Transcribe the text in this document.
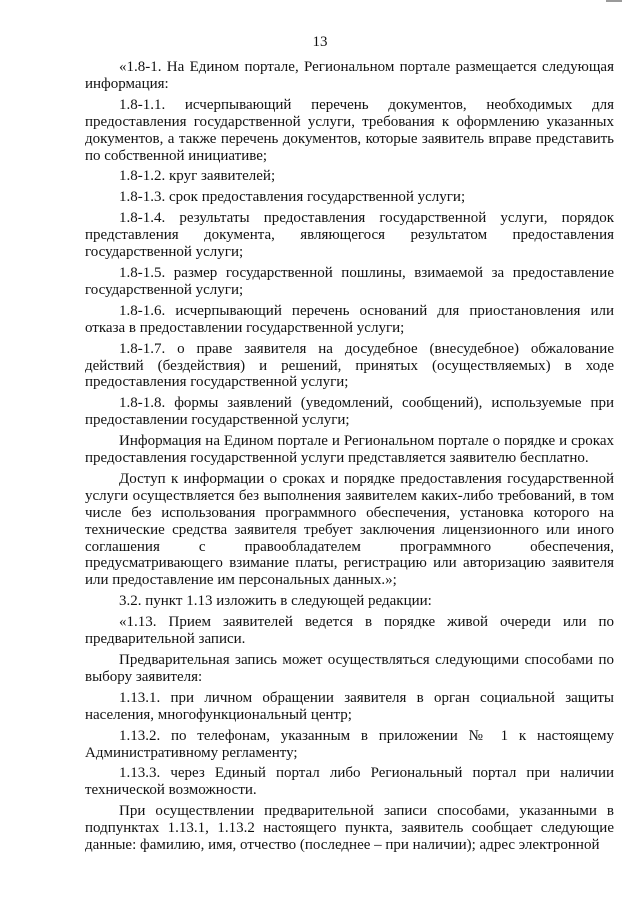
13

«1.8-1. На Едином портале, Региональном портале размещается следующая информация:

1.8-1.1. исчерпывающий перечень документов, необходимых для предоставления государственной услуги, требования к оформлению указанных документов, а также перечень документов, которые заявитель вправе представить по собственной инициативе;

1.8-1.2. круг заявителей;

1.8-1.3. срок предоставления государственной услуги;

1.8-1.4. результаты предоставления государственной услуги, порядок представления документа, являющегося результатом предоставления государственной услуги;

1.8-1.5. размер государственной пошлины, взимаемой за предоставление государственной услуги;

1.8-1.6. исчерпывающий перечень оснований для приостановления или отказа в предоставлении государственной услуги;

1.8-1.7. о праве заявителя на досудебное (внесудебное) обжалование действий (бездействия) и решений, принятых (осуществляемых) в ходе предоставления государственной услуги;

1.8-1.8. формы заявлений (уведомлений, сообщений), используемые при предоставлении государственной услуги;

Информация на Едином портале и Региональном портале о порядке и сроках предоставления государственной услуги представляется заявителю бесплатно.

Доступ к информации о сроках и порядке предоставления государственной услуги осуществляется без выполнения заявителем каких-либо требований, в том числе без использования программного обеспечения, установка которого на технические средства заявителя требует заключения лицензионного или иного соглашения с правообладателем программного обеспечения, предусматривающего взимание платы, регистрацию или авторизацию заявителя или предоставление им персональных данных.»;

3.2. пункт 1.13 изложить в следующей редакции:

«1.13. Прием заявителей ведется в порядке живой очереди или по предварительной записи.

Предварительная запись может осуществляться следующими способами по выбору заявителя:

1.13.1. при личном обращении заявителя в орган социальной защиты населения, многофункциональный центр;

1.13.2. по телефонам, указанным в приложении № 1 к настоящему Административному регламенту;

1.13.3. через Единый портал либо Региональный портал при наличии технической возможности.

При осуществлении предварительной записи способами, указанными в подпунктах 1.13.1, 1.13.2 настоящего пункта, заявитель сообщает следующие данные: фамилию, имя, отчество (последнее – при наличии); адрес электронной
